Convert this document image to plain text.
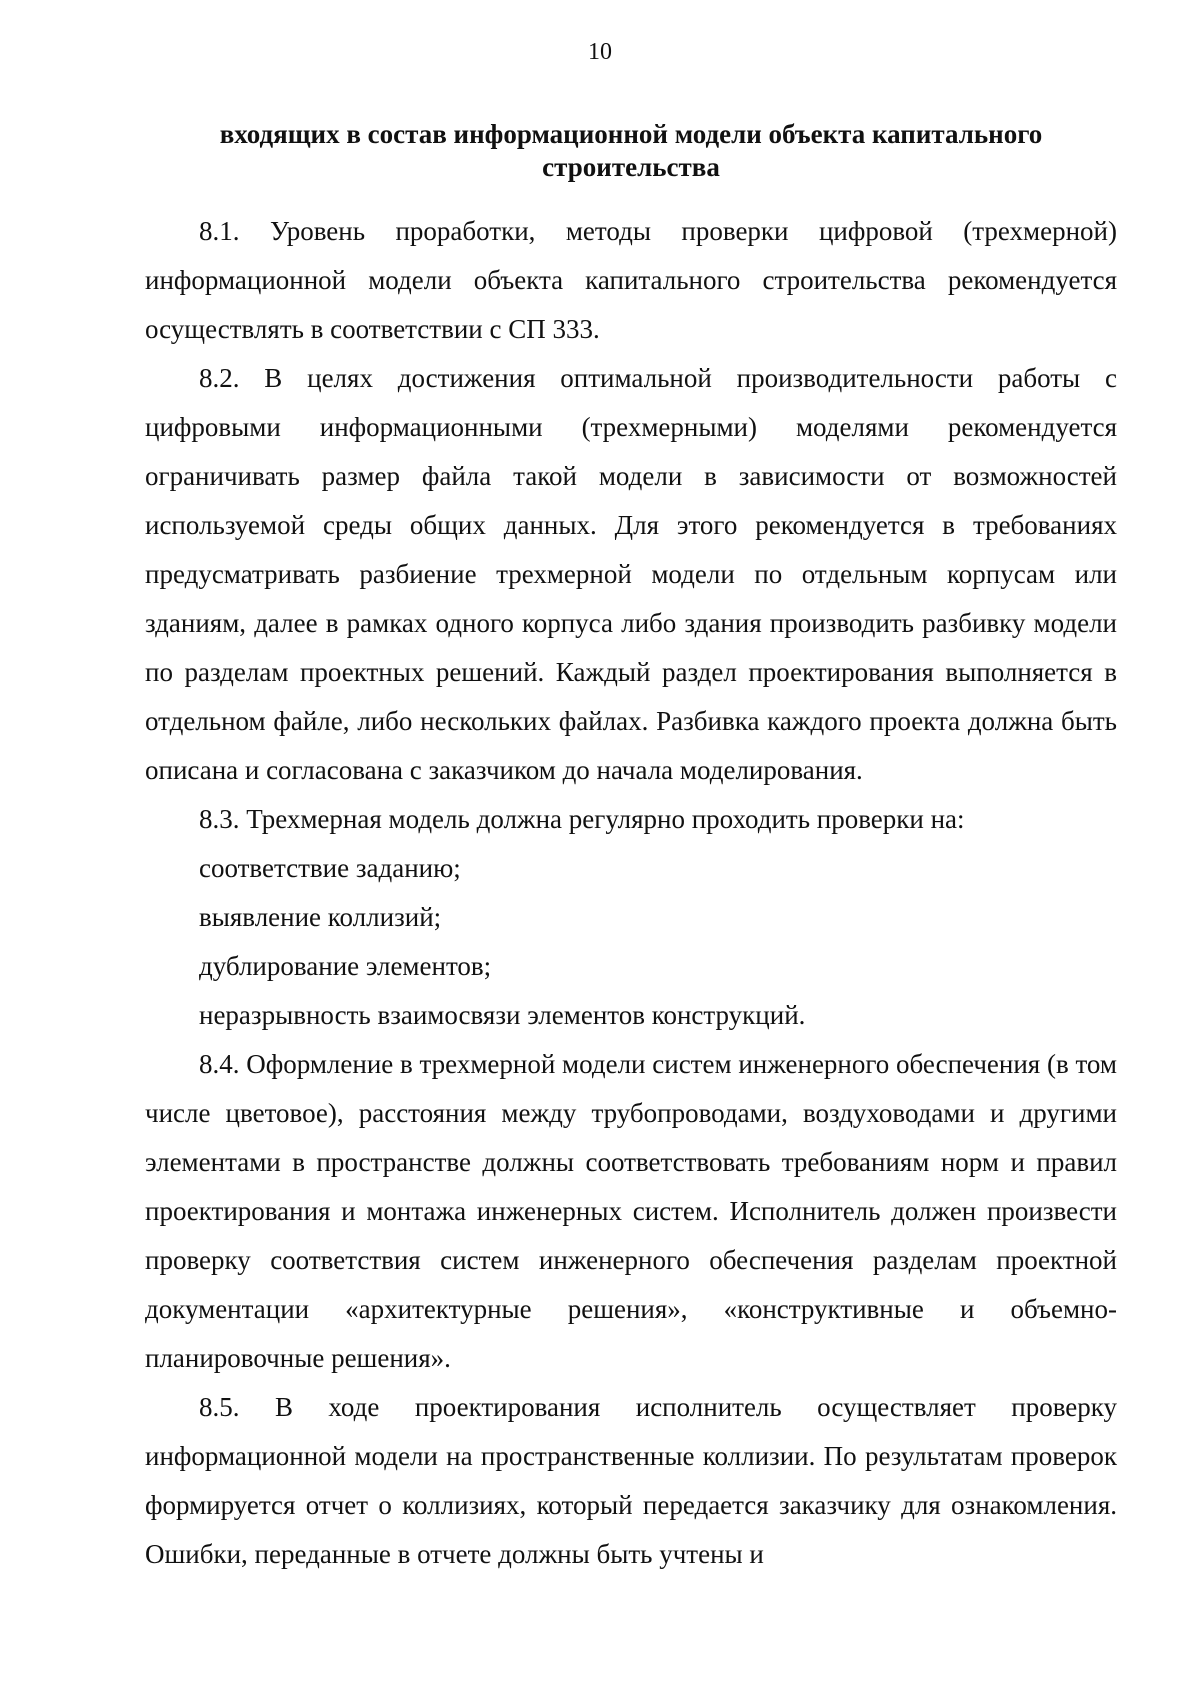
10
входящих в состав информационной модели объекта капитального
строительства

8.1. Уровень проработки, методы проверки цифровой (трехмерной) информационной модели объекта капитального строительства рекомендуется осуществлять в соответствии с СП 333.

8.2. В целях достижения оптимальной производительности работы с цифровыми информационными (трехмерными) моделями рекомендуется ограничивать размер файла такой модели в зависимости от возможностей используемой среды общих данных. Для этого рекомендуется в требованиях предусматривать разбиение трехмерной модели по отдельным корпусам или зданиям, далее в рамках одного корпуса либо здания производить разбивку модели по разделам проектных решений. Каждый раздел проектирования выполняется в отдельном файле, либо нескольких файлах. Разбивка каждого проекта должна быть описана и согласована с заказчиком до начала моделирования.

8.3. Трехмерная модель должна регулярно проходить проверки на:

соответствие заданию;

выявление коллизий;

дублирование элементов;

неразрывность взаимосвязи элементов конструкций.

8.4. Оформление в трехмерной модели систем инженерного обеспечения (в том числе цветовое), расстояния между трубопроводами, воздуховодами и другими элементами в пространстве должны соответствовать требованиям норм и правил проектирования и монтажа инженерных систем. Исполнитель должен произвести проверку соответствия систем инженерного обеспечения разделам проектной документации «архитектурные решения», «конструктивные и объемно-планировочные решения».

8.5. В ходе проектирования исполнитель осуществляет проверку информационной модели на пространственные коллизии. По результатам проверок формируется отчет о коллизиях, который передается заказчику для ознакомления. Ошибки, переданные в отчете должны быть учтены и
